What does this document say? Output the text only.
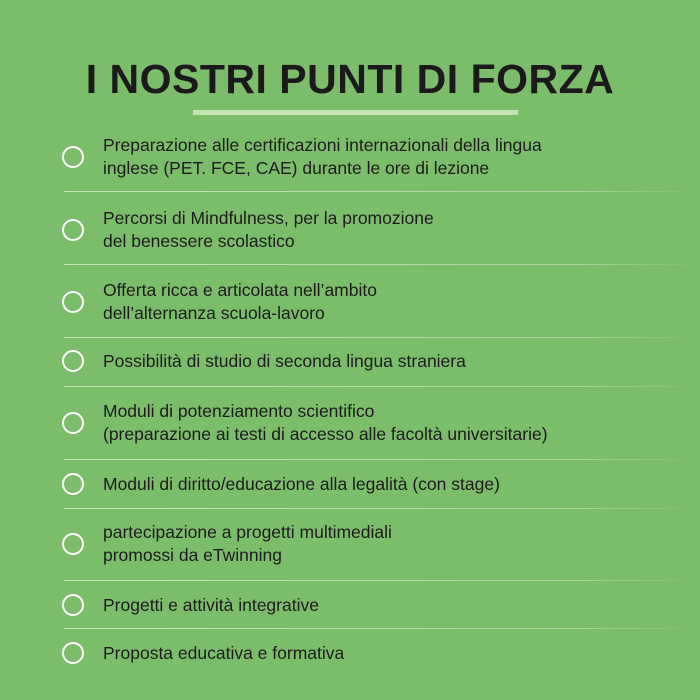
I NOSTRI PUNTI DI FORZA
Preparazione alle certificazioni internazionali della lingua
inglese (PET. FCE, CAE) durante le ore di lezione
Percorsi di Mindfulness, per la promozione
del benessere scolastico
Offerta ricca e articolata nell’ambito
dell’alternanza scuola-lavoro
Possibilità di studio di seconda lingua straniera
Moduli di potenziamento scientifico
(preparazione ai testi di accesso alle facoltà universitarie)
Moduli di diritto/educazione alla legalità (con stage)
partecipazione a progetti multimediali
promossi da eTwinning
Progetti e attività integrative
Proposta educativa e formativa
